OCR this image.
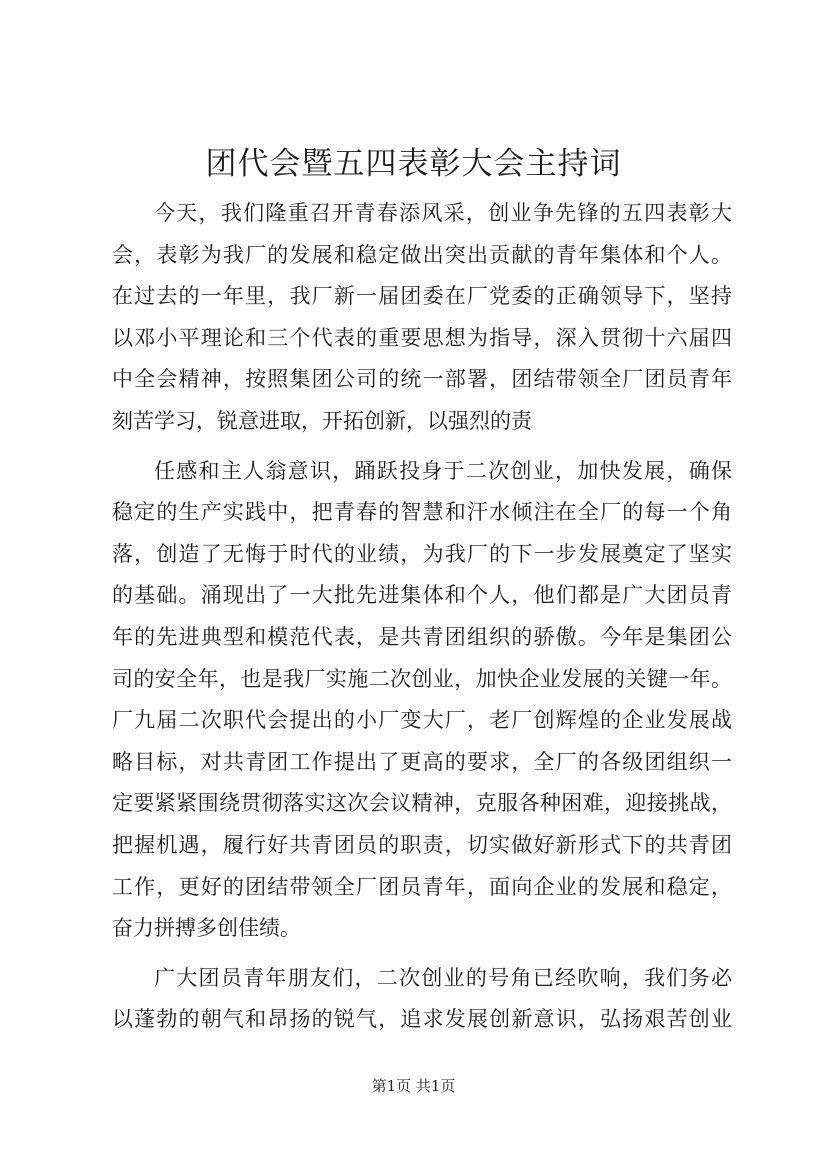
团代会暨五四表彰大会主持词
今天，我们隆重召开青春添风采，创业争先锋的五四表彰大
会，表彰为我厂的发展和稳定做出突出贡献的青年集体和个人。
在过去的一年里，我厂新一届团委在厂党委的正确领导下，坚持
以邓小平理论和三个代表的重要思想为指导，深入贯彻十六届四
中全会精神，按照集团公司的统一部署，团结带领全厂团员青年
刻苦学习，锐意进取，开拓创新，以强烈的责
任感和主人翁意识，踊跃投身于二次创业，加快发展，确保
稳定的生产实践中，把青春的智慧和汗水倾注在全厂的每一个角
落，创造了无悔于时代的业绩，为我厂的下一步发展奠定了坚实
的基础。涌现出了一大批先进集体和个人，他们都是广大团员青
年的先进典型和模范代表，是共青团组织的骄傲。今年是集团公
司的安全年，也是我厂实施二次创业，加快企业发展的关键一年。
厂九届二次职代会提出的小厂变大厂，老厂创辉煌的企业发展战
略目标，对共青团工作提出了更高的要求，全厂的各级团组织一
定要紧紧围绕贯彻落实这次会议精神，克服各种困难，迎接挑战，
把握机遇，履行好共青团员的职责，切实做好新形式下的共青团
工作，更好的团结带领全厂团员青年，面向企业的发展和稳定，
奋力拼搏多创佳绩。
广大团员青年朋友们，二次创业的号角已经吹响，我们务必
以蓬勃的朝气和昂扬的锐气，追求发展创新意识，弘扬艰苦创业
第1页 共1页
